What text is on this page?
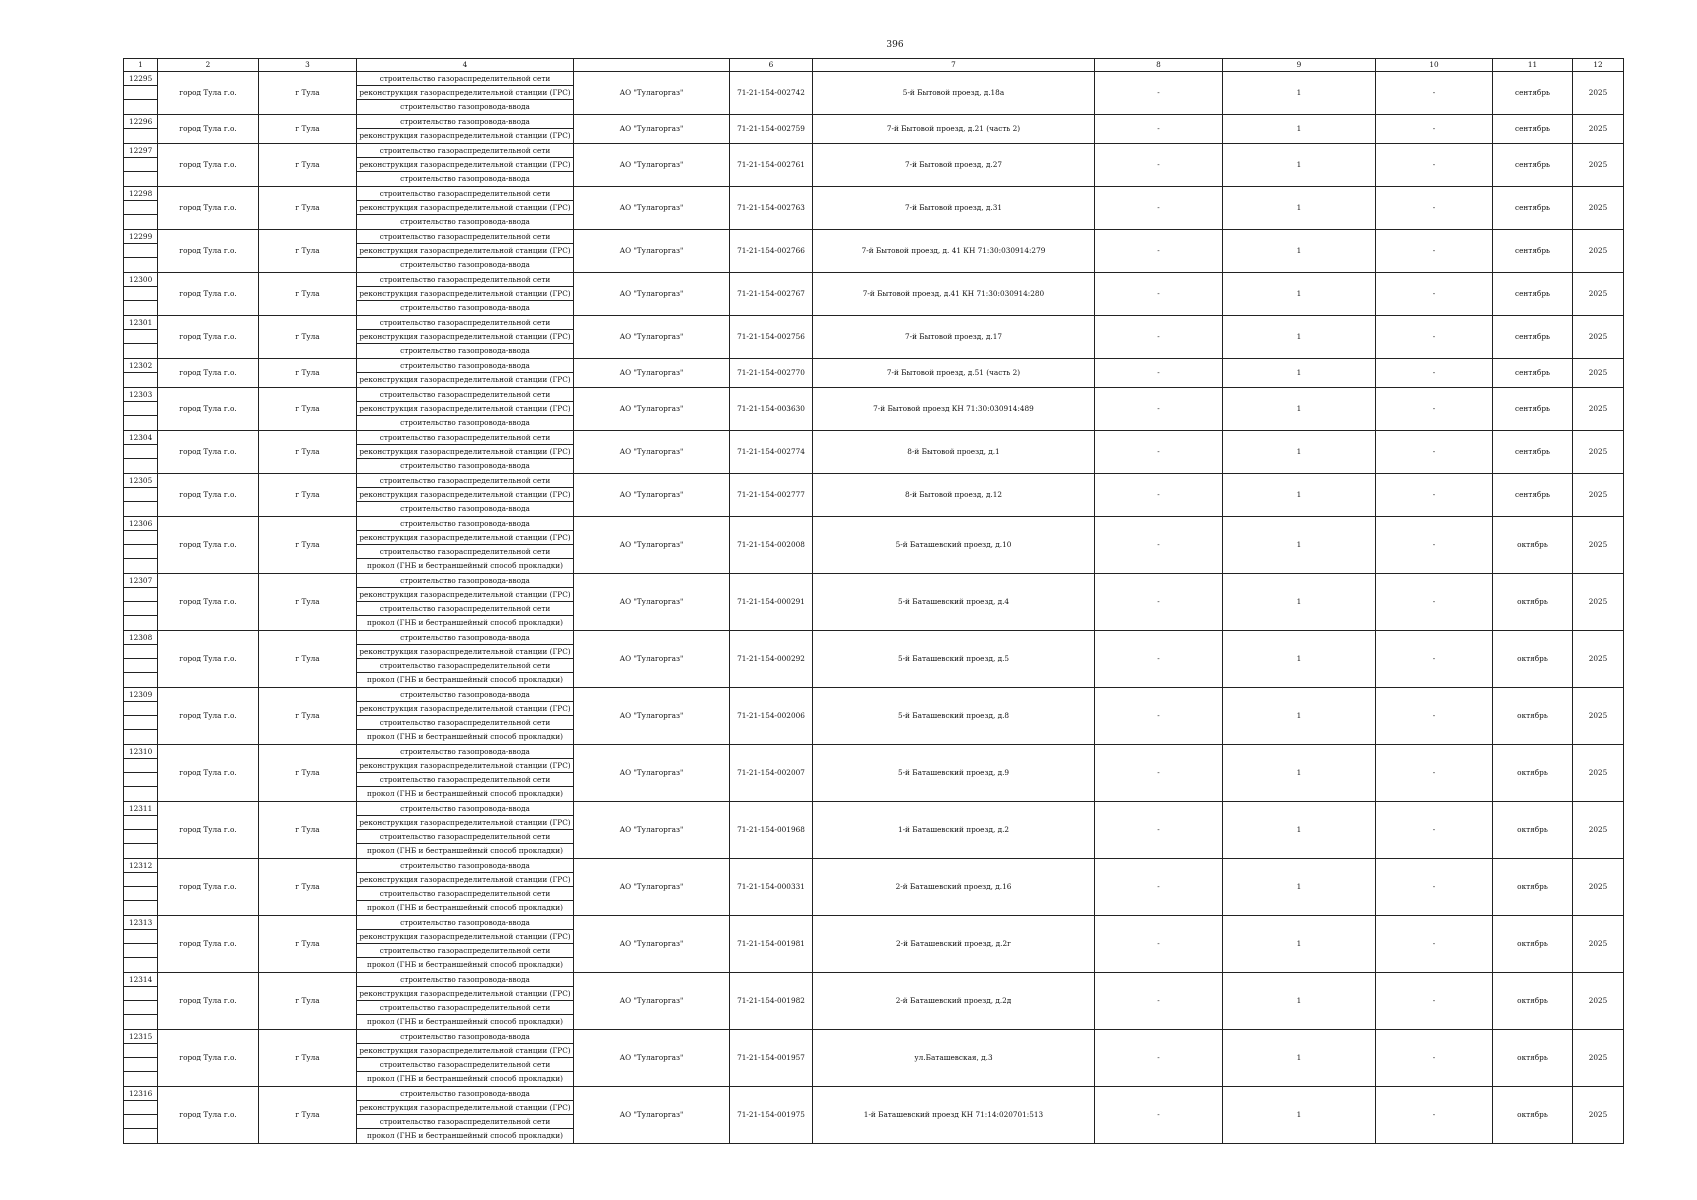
396
1	2	3	4		6	7	8	9	10	11	12

12295	город Тула г.о.	г Тула	строительство газораспределительной сети
реконструкция газораспределительной станции (ГРС)
строительство газопровода-ввода	АО "Тулагоргаз"	71-21-154-002742	5-й Бытовой проезд, д.18а	-	1	-	сентябрь	2025

12296	город Тула г.о.	г Тула	строительство газопровода-ввода
реконструкция газораспределительной станции (ГРС)	АО "Тулагоргаз"	71-21-154-002759	7-й Бытовой проезд, д.21 (часть 2)	-	1	-	сентябрь	2025

12297	город Тула г.о.	г Тула	строительство газораспределительной сети
реконструкция газораспределительной станции (ГРС)
строительство газопровода-ввода	АО "Тулагоргаз"	71-21-154-002761	7-й Бытовой проезд, д.27	-	1	-	сентябрь	2025

12298	город Тула г.о.	г Тула	строительство газораспределительной сети
реконструкция газораспределительной станции (ГРС)
строительство газопровода-ввода	АО "Тулагоргаз"	71-21-154-002763	7-й Бытовой проезд, д.31	-	1	-	сентябрь	2025

12299	город Тула г.о.	г Тула	строительство газораспределительной сети
реконструкция газораспределительной станции (ГРС)
строительство газопровода-ввода	АО "Тулагоргаз"	71-21-154-002766	7-й Бытовой проезд, д. 41 КН 71:30:030914:279	-	1	-	сентябрь	2025

12300	город Тула г.о.	г Тула	строительство газораспределительной сети
реконструкция газораспределительной станции (ГРС)
строительство газопровода-ввода	АО "Тулагоргаз"	71-21-154-002767	7-й Бытовой проезд, д.41 КН 71:30:030914:280	-	1	-	сентябрь	2025

12301	город Тула г.о.	г Тула	строительство газораспределительной сети
реконструкция газораспределительной станции (ГРС)
строительство газопровода-ввода	АО "Тулагоргаз"	71-21-154-002756	7-й Бытовой проезд, д.17	-	1	-	сентябрь	2025

12302	город Тула г.о.	г Тула	строительство газопровода-ввода
реконструкция газораспределительной станции (ГРС)	АО "Тулагоргаз"	71-21-154-002770	7-й Бытовой проезд, д.51 (часть 2)	-	1	-	сентябрь	2025

12303	город Тула г.о.	г Тула	строительство газораспределительной сети
реконструкция газораспределительной станции (ГРС)
строительство газопровода-ввода	АО "Тулагоргаз"	71-21-154-003630	7-й Бытовой проезд КН 71:30:030914:489	-	1	-	сентябрь	2025

12304	город Тула г.о.	г Тула	строительство газораспределительной сети
реконструкция газораспределительной станции (ГРС)
строительство газопровода-ввода	АО "Тулагоргаз"	71-21-154-002774	8-й Бытовой проезд, д.1	-	1	-	сентябрь	2025

12305	город Тула г.о.	г Тула	строительство газораспределительной сети
реконструкция газораспределительной станции (ГРС)
строительство газопровода-ввода	АО "Тулагоргаз"	71-21-154-002777	8-й Бытовой проезд, д.12	-	1	-	сентябрь	2025

12306	город Тула г.о.	г Тула	строительство газопровода-ввода
реконструкция газораспределительной станции (ГРС)
строительство газораспределительной сети
прокол (ГНБ и бестраншейный способ прокладки)	АО "Тулагоргаз"	71-21-154-002008	5-й Баташевский проезд, д.10	-	1	-	октябрь	2025

12307	город Тула г.о.	г Тула	строительство газопровода-ввода
реконструкция газораспределительной станции (ГРС)
строительство газораспределительной сети
прокол (ГНБ и бестраншейный способ прокладки)	АО "Тулагоргаз"	71-21-154-000291	5-й Баташевский проезд, д.4	-	1	-	октябрь	2025

12308	город Тула г.о.	г Тула	строительство газопровода-ввода
реконструкция газораспределительной станции (ГРС)
строительство газораспределительной сети
прокол (ГНБ и бестраншейный способ прокладки)	АО "Тулагоргаз"	71-21-154-000292	5-й Баташевский проезд, д.5	-	1	-	октябрь	2025

12309	город Тула г.о.	г Тула	строительство газопровода-ввода
реконструкция газораспределительной станции (ГРС)
строительство газораспределительной сети
прокол (ГНБ и бестраншейный способ прокладки)	АО "Тулагоргаз"	71-21-154-002006	5-й Баташевский проезд, д.8	-	1	-	октябрь	2025

12310	город Тула г.о.	г Тула	строительство газопровода-ввода
реконструкция газораспределительной станции (ГРС)
строительство газораспределительной сети
прокол (ГНБ и бестраншейный способ прокладки)	АО "Тулагоргаз"	71-21-154-002007	5-й Баташевский проезд, д.9	-	1	-	октябрь	2025

12311	город Тула г.о.	г Тула	строительство газопровода-ввода
реконструкция газораспределительной станции (ГРС)
строительство газораспределительной сети
прокол (ГНБ и бестраншейный способ прокладки)	АО "Тулагоргаз"	71-21-154-001968	1-й Баташевский проезд, д.2	-	1	-	октябрь	2025

12312	город Тула г.о.	г Тула	строительство газопровода-ввода
реконструкция газораспределительной станции (ГРС)
строительство газораспределительной сети
прокол (ГНБ и бестраншейный способ прокладки)	АО "Тулагоргаз"	71-21-154-000331	2-й Баташевский проезд, д.16	-	1	-	октябрь	2025

12313	город Тула г.о.	г Тула	строительство газопровода-ввода
реконструкция газораспределительной станции (ГРС)
строительство газораспределительной сети
прокол (ГНБ и бестраншейный способ прокладки)	АО "Тулагоргаз"	71-21-154-001981	2-й Баташевский проезд, д.2г	-	1	-	октябрь	2025

12314	город Тула г.о.	г Тула	строительство газопровода-ввода
реконструкция газораспределительной станции (ГРС)
строительство газораспределительной сети
прокол (ГНБ и бестраншейный способ прокладки)	АО "Тулагоргаз"	71-21-154-001982	2-й Баташевский проезд, д.2д	-	1	-	октябрь	2025

12315	город Тула г.о.	г Тула	строительство газопровода-ввода
реконструкция газораспределительной станции (ГРС)
строительство газораспределительной сети
прокол (ГНБ и бестраншейный способ прокладки)	АО "Тулагоргаз"	71-21-154-001957	ул.Баташевская, д.3	-	1	-	октябрь	2025

12316	город Тула г.о.	г Тула	строительство газопровода-ввода
реконструкция газораспределительной станции (ГРС)
строительство газораспределительной сети
прокол (ГНБ и бестраншейный способ прокладки)	АО "Тулагоргаз"	71-21-154-001975	1-й Баташевский проезд КН 71:14:020701:513	-	1	-	октябрь	2025
